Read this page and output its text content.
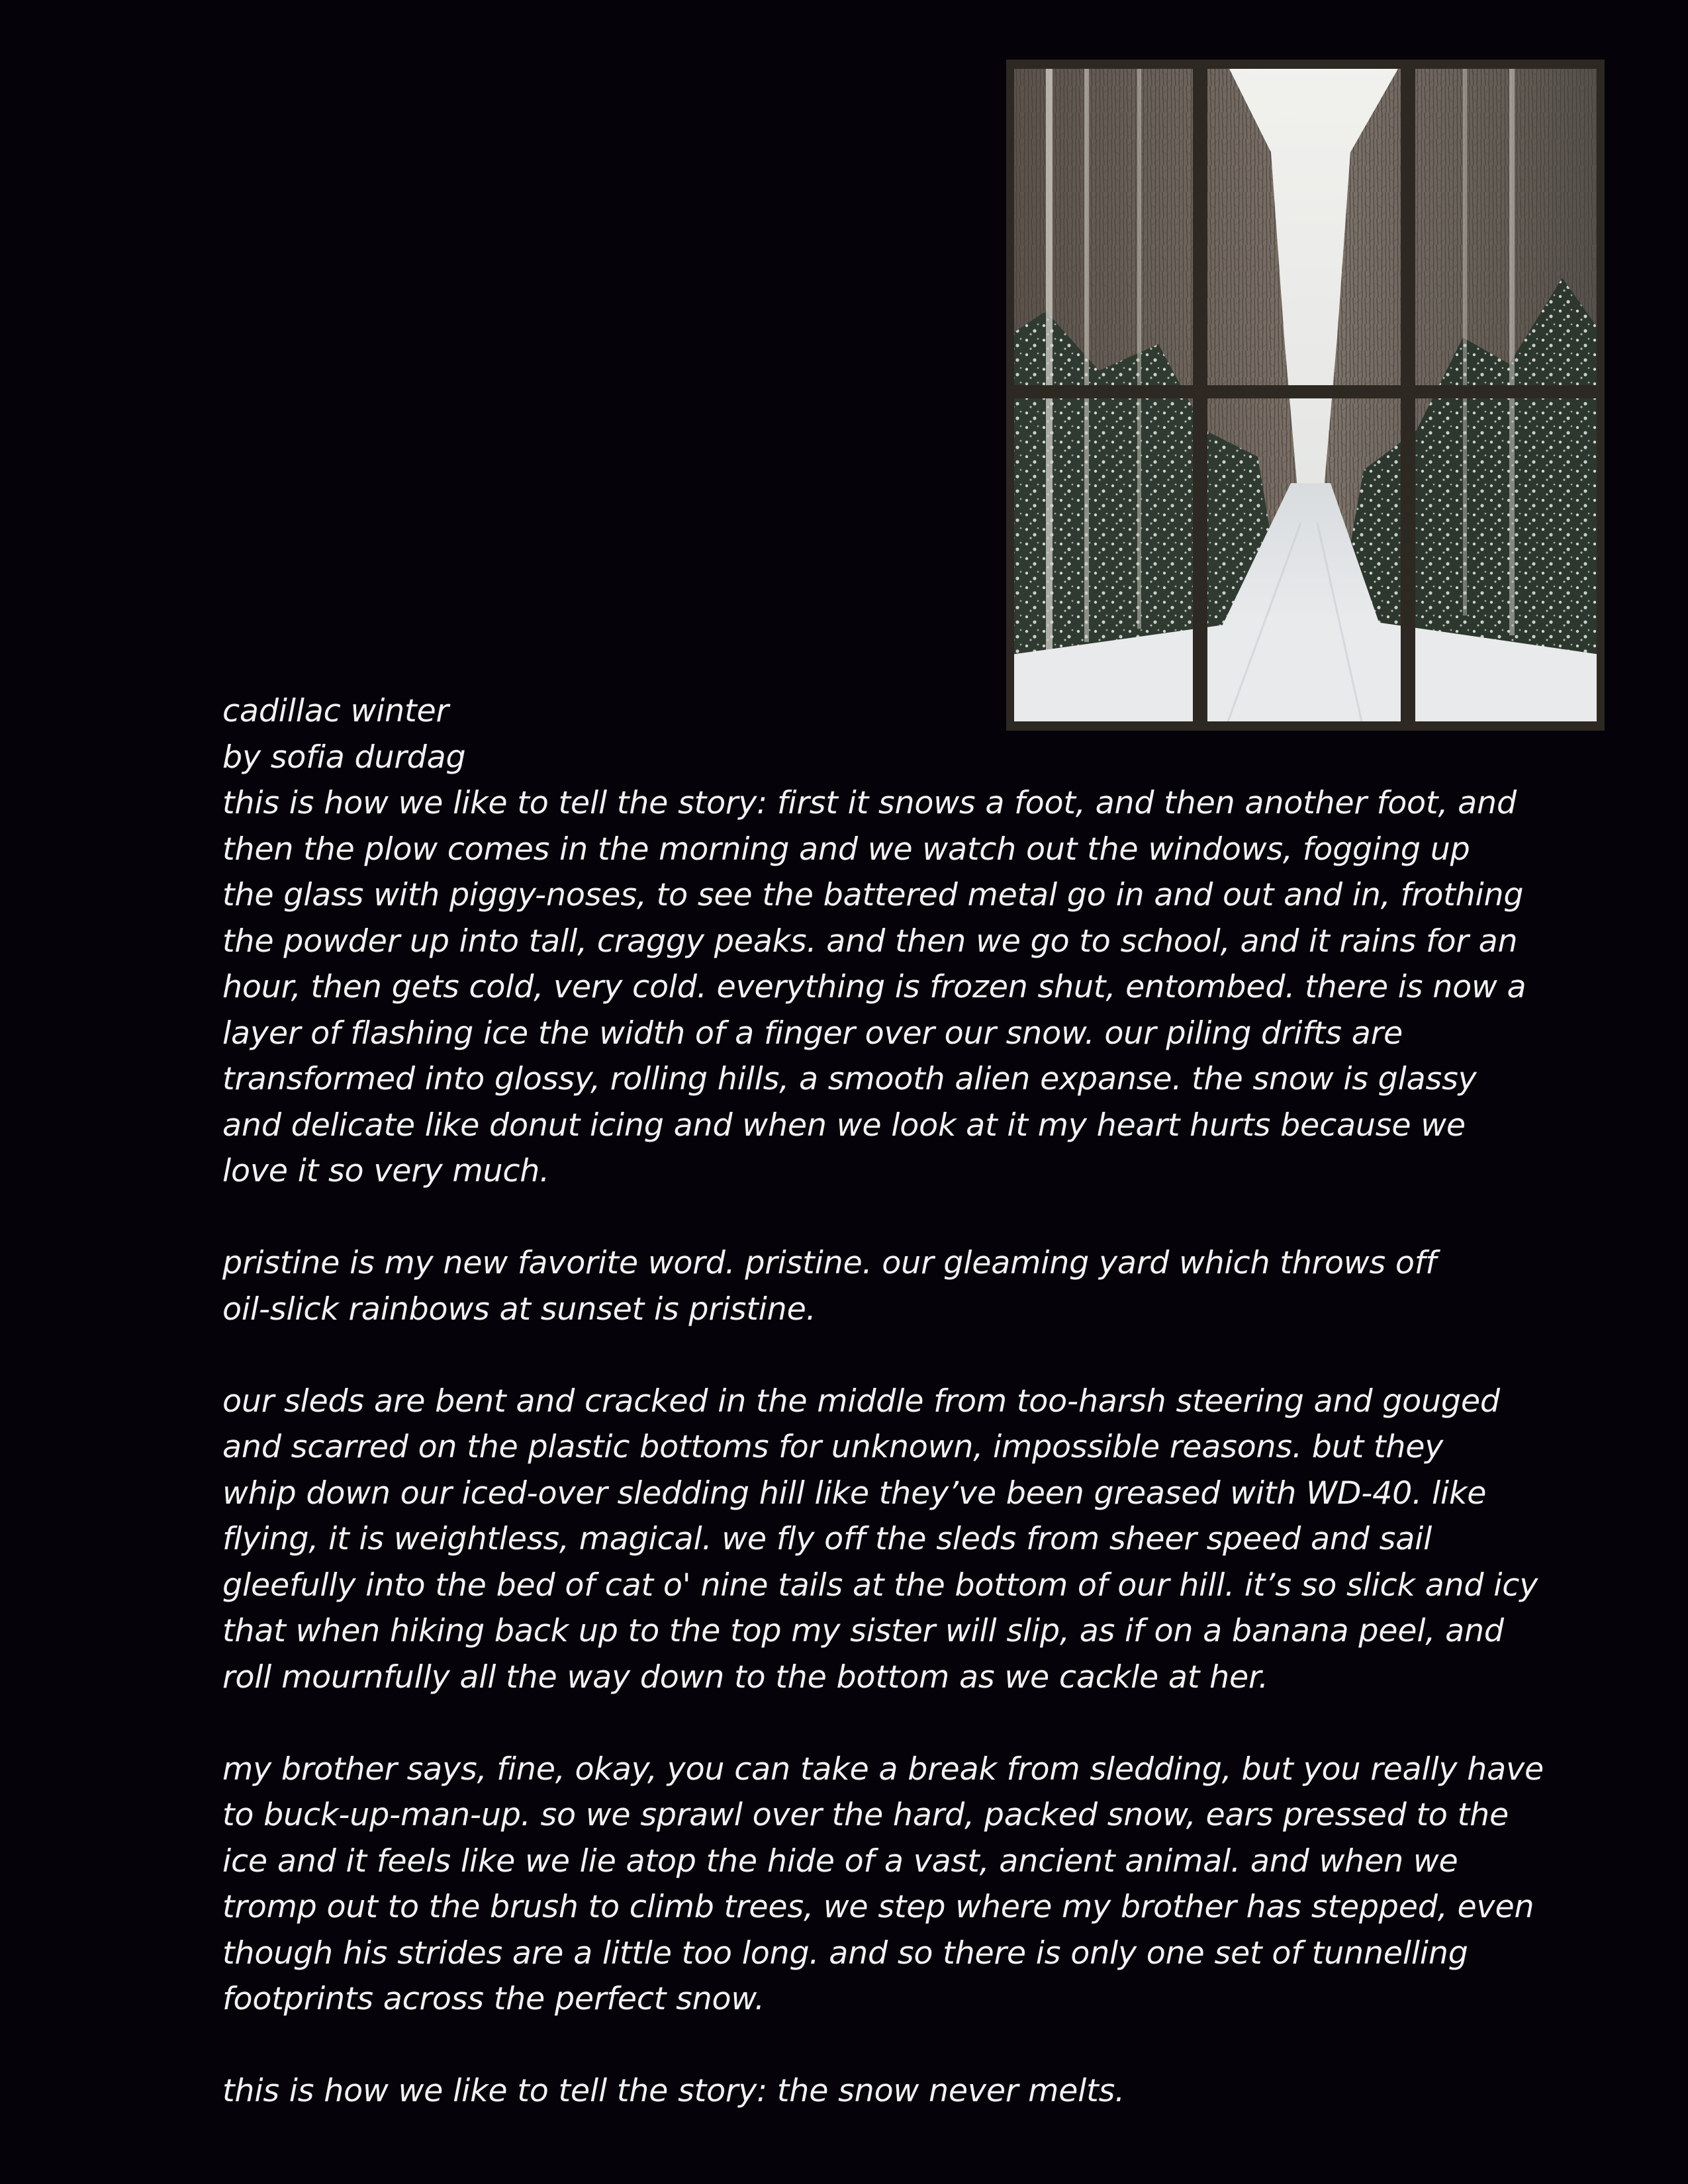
cadillac winter

by sofia durdag

this is how we like to tell the story: first it snows a foot, and then another foot, and
then the plow comes in the morning and we watch out the windows, fogging up
the glass with piggy-noses, to see the battered metal go in and out and in, frothing
the powder up into tall, craggy peaks. and then we go to school, and it rains for an
hour, then gets cold, very cold. everything is frozen shut, entombed. there is now a
layer of flashing ice the width of a finger over our snow. our piling drifts are
transformed into glossy, rolling hills, a smooth alien expanse. the snow is glassy
and delicate like donut icing and when we look at it my heart hurts because we
love it so very much.

pristine is my new favorite word. pristine. our gleaming yard which throws off
oil-slick rainbows at sunset is pristine.

our sleds are bent and cracked in the middle from too-harsh steering and gouged
and scarred on the plastic bottoms for unknown, impossible reasons. but they
whip down our iced-over sledding hill like they’ve been greased with WD-40. like
flying, it is weightless, magical. we fly off the sleds from sheer speed and sail
gleefully into the bed of cat o' nine tails at the bottom of our hill. it’s so slick and icy
that when hiking back up to the top my sister will slip, as if on a banana peel, and
roll mournfully all the way down to the bottom as we cackle at her.

my brother says, fine, okay, you can take a break from sledding, but you really have
to buck-up-man-up. so we sprawl over the hard, packed snow, ears pressed to the
ice and it feels like we lie atop the hide of a vast, ancient animal. and when we
tromp out to the brush to climb trees, we step where my brother has stepped, even
though his strides are a little too long. and so there is only one set of tunnelling
footprints across the perfect snow.

this is how we like to tell the story: the snow never melts.
